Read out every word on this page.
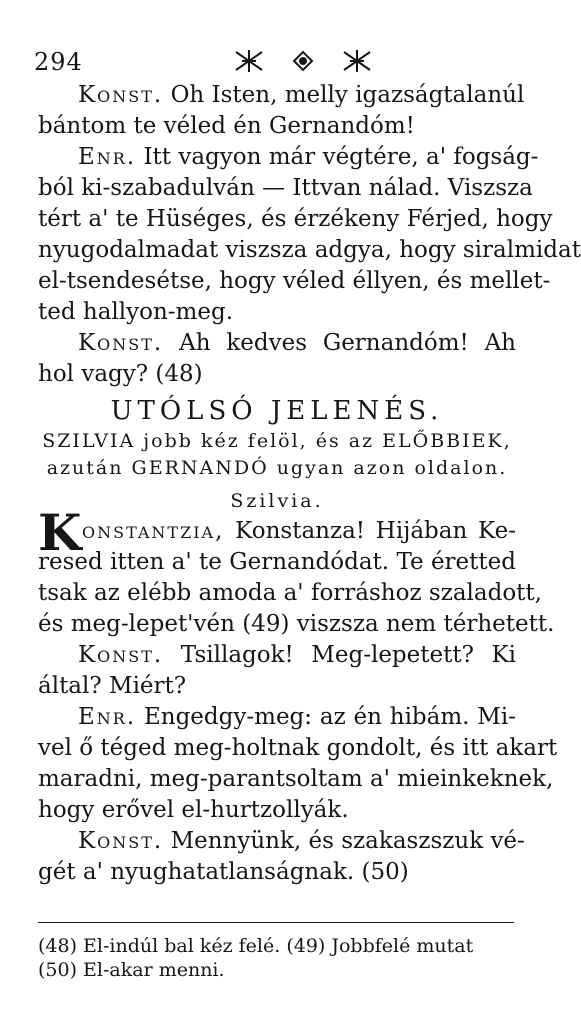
294
Konst. Oh Isten, melly igazságtalanúl
bántom te véled én Gernandóm!
Enr. Itt vagyon már végtére, a' fogság-
ból ki-szabadulván — Ittvan nálad. Viszsza
tért a' te Hüséges, és érzékeny Férjed, hogy
nyugodalmadat viszsza adgya, hogy siralmidat
el-tsendesétse, hogy véled éllyen, és mellet-
ted hallyon-meg.
Konst. Ah kedves Gernandóm! Ah
hol vagy? (48)
UTÓLSÓ JELENÉS.
SZILVIA jobb kéz felöl, és az ELŐBBIEK,
azután GERNANDÓ ugyan azon oldalon.
Szilvia.
K onstantzia, Konstanza! Hijában Ke-
resed itten a' te Gernandódat. Te éretted
tsak az elébb amoda a' forráshoz szaladott,
és meg-lepet'vén (49) viszsza nem térhetett.
Konst. Tsillagok! Meg-lepetett? Ki
által? Miért?
Enr. Engedgy-meg: az én hibám. Mi-
vel ő téged meg-holtnak gondolt, és itt akart
maradni, meg-parantsoltam a' mieinkeknek,
hogy erővel el-hurtzollyák.
Konst. Mennyünk, és szakaszszuk vé-
gét a' nyughatatlanságnak. (50)
(48) El-indúl bal kéz felé. (49) Jobbfelé mutat
(50) El-akar menni.
